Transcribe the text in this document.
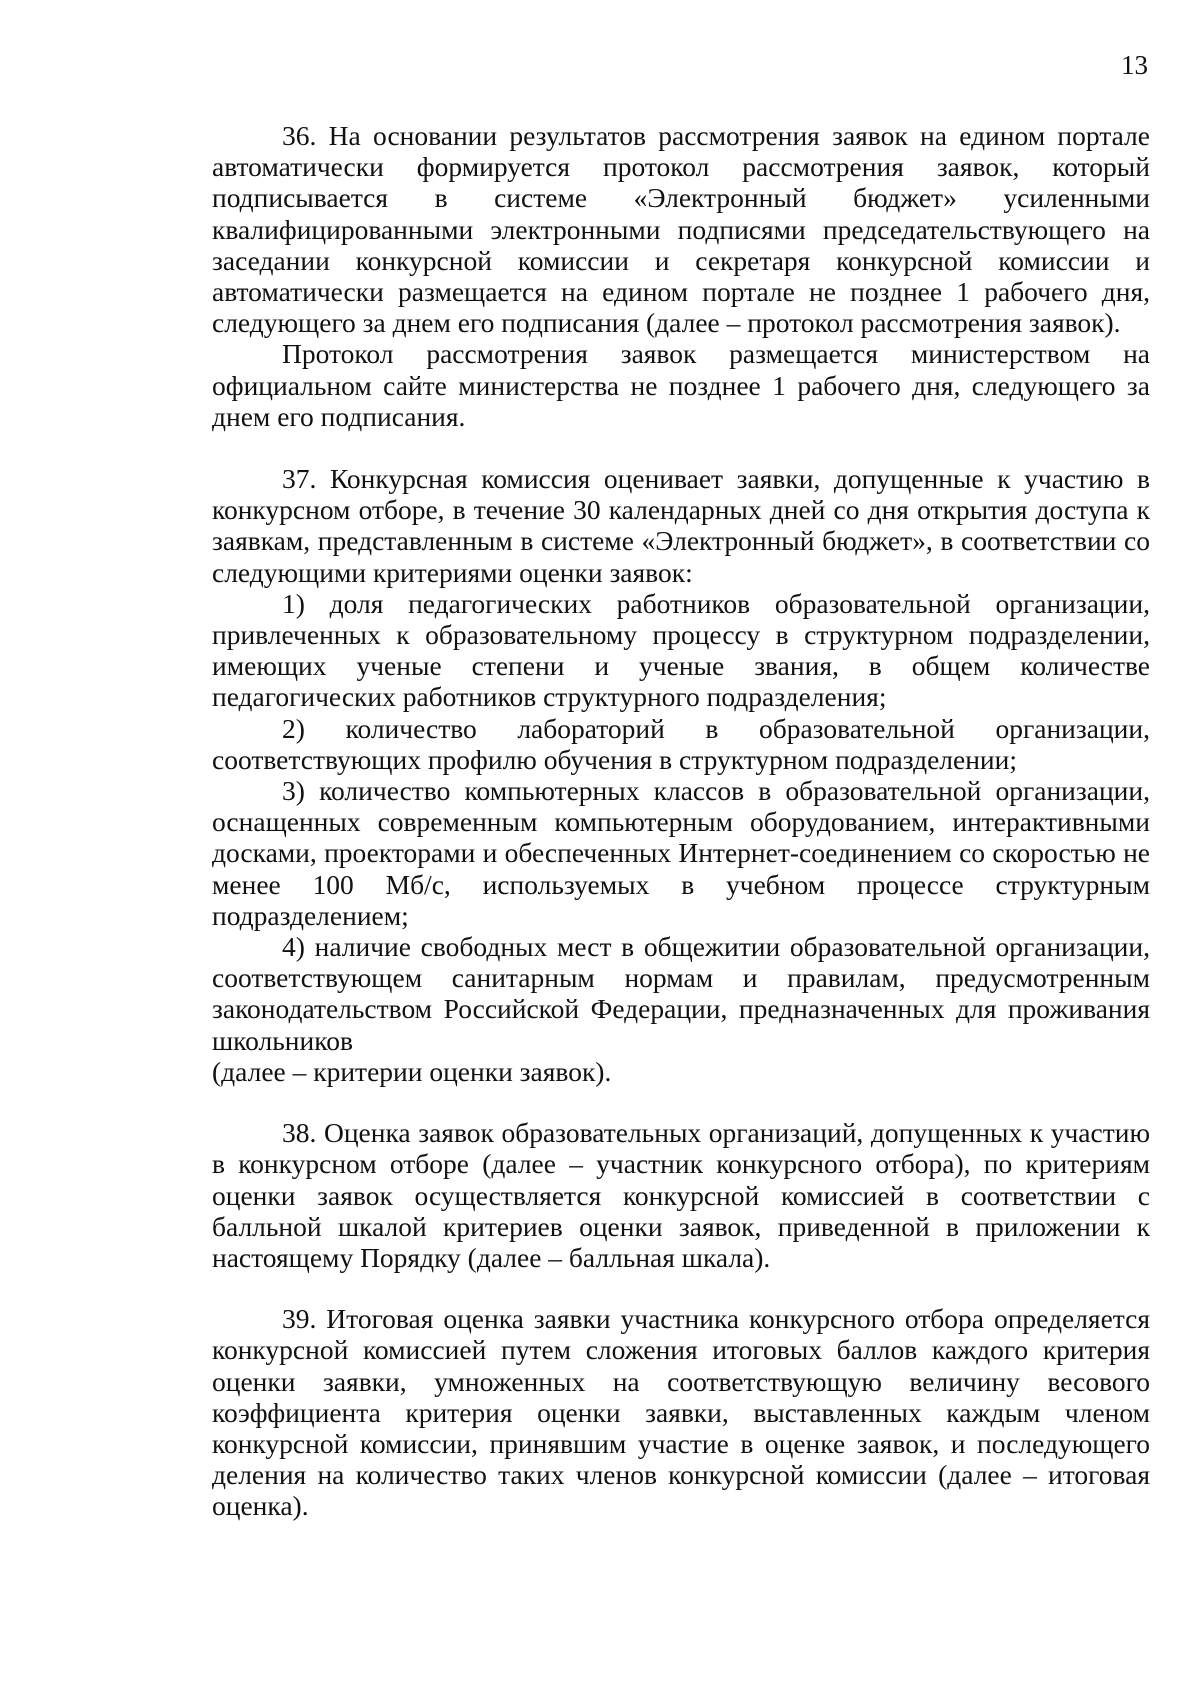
13

36. На основании результатов рассмотрения заявок на едином портале автоматически формируется протокол рассмотрения заявок, который подписывается в системе «Электронный бюджет» усиленными квалифицированными электронными подписями председательствующего на заседании конкурсной комиссии и секретаря конкурсной комиссии и автоматически размещается на едином портале не позднее 1 рабочего дня, следующего за днем его подписания (далее – протокол рассмотрения заявок).

Протокол рассмотрения заявок размещается министерством на официальном сайте министерства не позднее 1 рабочего дня, следующего за днем его подписания.

37. Конкурсная комиссия оценивает заявки, допущенные к участию в конкурсном отборе, в течение 30 календарных дней со дня открытия доступа к заявкам, представленным в системе «Электронный бюджет», в соответствии со следующими критериями оценки заявок:

1) доля педагогических работников образовательной организации, привлеченных к образовательному процессу в структурном подразделении, имеющих ученые степени и ученые звания, в общем количестве педагогических работников структурного подразделения;

2) количество лабораторий в образовательной организации, соответствующих профилю обучения в структурном подразделении;

3) количество компьютерных классов в образовательной организации, оснащенных современным компьютерным оборудованием, интерактивными досками, проекторами и обеспеченных Интернет-соединением со скоростью не менее 100 Мб/с, используемых в учебном процессе структурным подразделением;

4) наличие свободных мест в общежитии образовательной организации, соответствующем санитарным нормам и правилам, предусмотренным законодательством Российской Федерации, предназначенных для проживания школьников

(далее – критерии оценки заявок).

38. Оценка заявок образовательных организаций, допущенных к участию в конкурсном отборе (далее – участник конкурсного отбора), по критериям оценки заявок осуществляется конкурсной комиссией в соответствии с балльной шкалой критериев оценки заявок, приведенной в приложении к настоящему Порядку (далее – балльная шкала).

39. Итоговая оценка заявки участника конкурсного отбора определяется конкурсной комиссией путем сложения итоговых баллов каждого критерия оценки заявки, умноженных на соответствующую величину весового коэффициента критерия оценки заявки, выставленных каждым членом конкурсной комиссии, принявшим участие в оценке заявок, и последующего деления на количество таких членов конкурсной комиссии (далее – итоговая оценка).
